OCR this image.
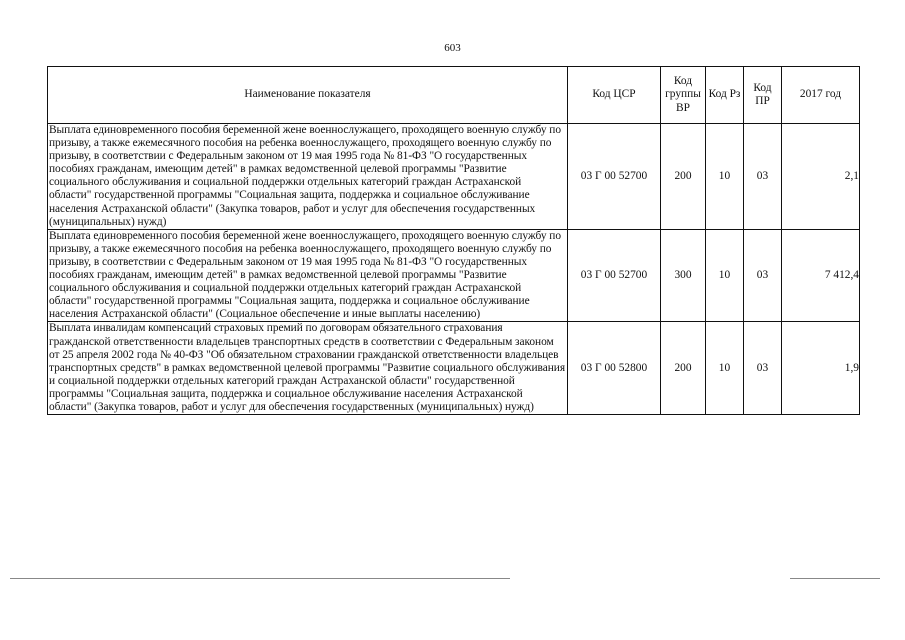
603
Наименование показателя	Код ЦСР	Код группы ВР	Код Рз	Код ПР	2017 год
Выплата единовременного пособия беременной жене военнослужащего, проходящего военную службу по призыву, а также ежемесячного пособия на ребенка военнослужащего, проходящего военную службу по призыву, в соответствии с Федеральным законом от 19 мая 1995 года № 81-ФЗ "О государственных пособиях гражданам, имеющим детей" в рамках ведомственной целевой программы "Развитие социального обслуживания и социальной поддержки отдельных категорий граждан Астраханской области" государственной программы "Социальная защита, поддержка и социальное обслуживание населения Астраханской области" (Закупка товаров, работ и услуг для обеспечения государственных (муниципальных) нужд)	03 Г 00 52700	200	10	03	2,1
Выплата единовременного пособия беременной жене военнослужащего, проходящего военную службу по призыву, а также ежемесячного пособия на ребенка военнослужащего, проходящего военную службу по призыву, в соответствии с Федеральным законом от 19 мая 1995 года № 81-ФЗ "О государственных пособиях гражданам, имеющим детей" в рамках ведомственной целевой программы "Развитие социального обслуживания и социальной поддержки отдельных категорий граждан Астраханской области" государственной программы "Социальная защита, поддержка и социальное обслуживание населения Астраханской области" (Социальное обеспечение и иные выплаты населению)	03 Г 00 52700	300	10	03	7 412,4
Выплата инвалидам компенсаций страховых премий по договорам обязательного страхования гражданской ответственности владельцев транспортных средств в соответствии с Федеральным законом от 25 апреля 2002 года № 40-ФЗ "Об обязательном страховании гражданской ответственности владельцев транспортных средств" в рамках ведомственной целевой программы "Развитие социального обслуживания и социальной поддержки отдельных категорий граждан Астраханской области" государственной программы "Социальная защита, поддержка и социальное обслуживание населения Астраханской области" (Закупка товаров, работ и услуг для обеспечения государственных (муниципальных) нужд)	03 Г 00 52800	200	10	03	1,9
